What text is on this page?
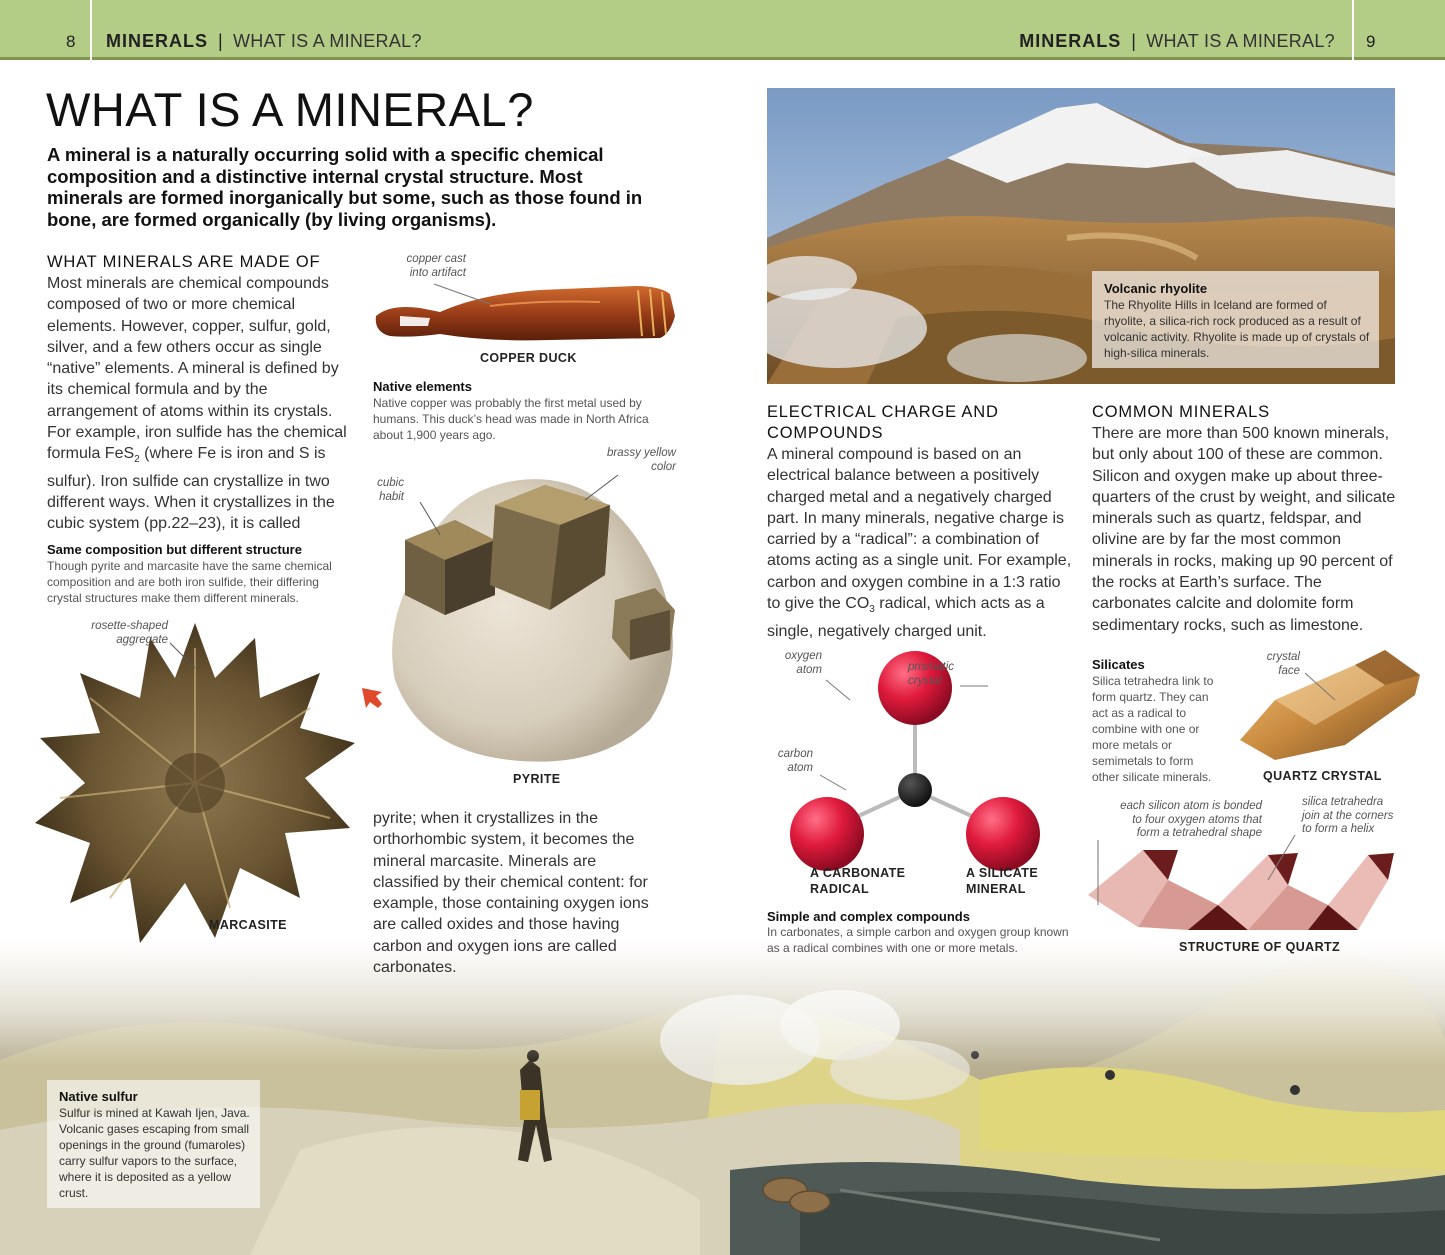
8 MINERALS | WHAT IS A MINERAL?	MINERALS | WHAT IS A MINERAL? 9
Native sulfur
Sulfur is mined at Kawah Ijen, Java. Volcanic gases escaping from small openings in the ground (fumaroles) carry sulfur vapors to the surface, where it is deposited as a yellow crust.
WHAT IS A MINERAL?

A mineral is a naturally occurring solid with a specific chemical composition and a distinctive internal crystal structure. Most minerals are formed inorganically but some, such as those found in bone, are formed organically (by living organisms).

WHAT MINERALS ARE MADE OF

Most minerals are chemical compounds composed of two or more chemical elements. However, copper, sulfur, gold, silver, and a few others occur as single “native” elements. A mineral is defined by its chemical formula and by the arrangement of atoms within its crystals. For example, iron sulfide has the chemical formula FeS$_2$ (where Fe is iron and S is sulfur). Iron sulfide can crystallize in two different ways. When it crystallizes in the cubic system (pp.22–23), it is called

Same composition but different structure
Though pyrite and marcasite have the same chemical composition and are both iron sulfide, their differing crystal structures make them different minerals.
copper cast
into artifact
COPPER DUCK
Native elements
Native copper was probably the first metal used by humans. This duck’s head was made in North Africa about 1,900 years ago.
brassy yellow
color
cubic
habit
PYRITE
rosette-shaped
aggregate
MARCASITE

pyrite; when it crystallizes in the orthorhombic system, it becomes the mineral marcasite. Minerals are classified by their chemical content: for example, those containing oxygen ions are called oxides and those having carbon and oxygen ions are called carbonates.

Volcanic rhyolite
The Rhyolite Hills in Iceland are formed of rhyolite, a silica-rich rock produced as a result of volcanic activity. Rhyolite is made up of crystals of high-silica minerals.
ELECTRICAL CHARGE AND
COMPOUNDS

A mineral compound is based on an electrical balance between a positively charged metal and a negatively charged part. In many minerals, negative charge is carried by a “radical”: a combination of atoms acting as a single unit. For example, carbon and oxygen combine in a 1:3 ratio to give the $CO_3$ radical, which acts as a single, negatively charged unit.

COMMON MINERALS

There are more than 500 known minerals, but only about 100 of these are common. Silicon and oxygen make up about three-quarters of the crust by weight, and silicate minerals such as quartz, feldspar, and olivine are by far the most common minerals in rocks, making up 90 percent of the rocks at Earth’s surface. The carbonates calcite and dolomite form sedimentary rocks, such as limestone.

oxygen
atom
carbon
atom
prismatic
crystal
A CARBONATE
RADICAL
A SILICATE
MINERAL
Simple and complex compounds
In carbonates, a simple carbon and oxygen group known as a radical combines with one or more metals.
Silicates
Silica tetrahedra link to form quartz. They can act as a radical to combine with one or more metals or semimetals to form other silicate minerals.
crystal
face
QUARTZ CRYSTAL
each silicon atom is bonded
to four oxygen atoms that
form a tetrahedral shape
silica tetrahedra
join at the corners
to form a helix
STRUCTURE OF QUARTZ
